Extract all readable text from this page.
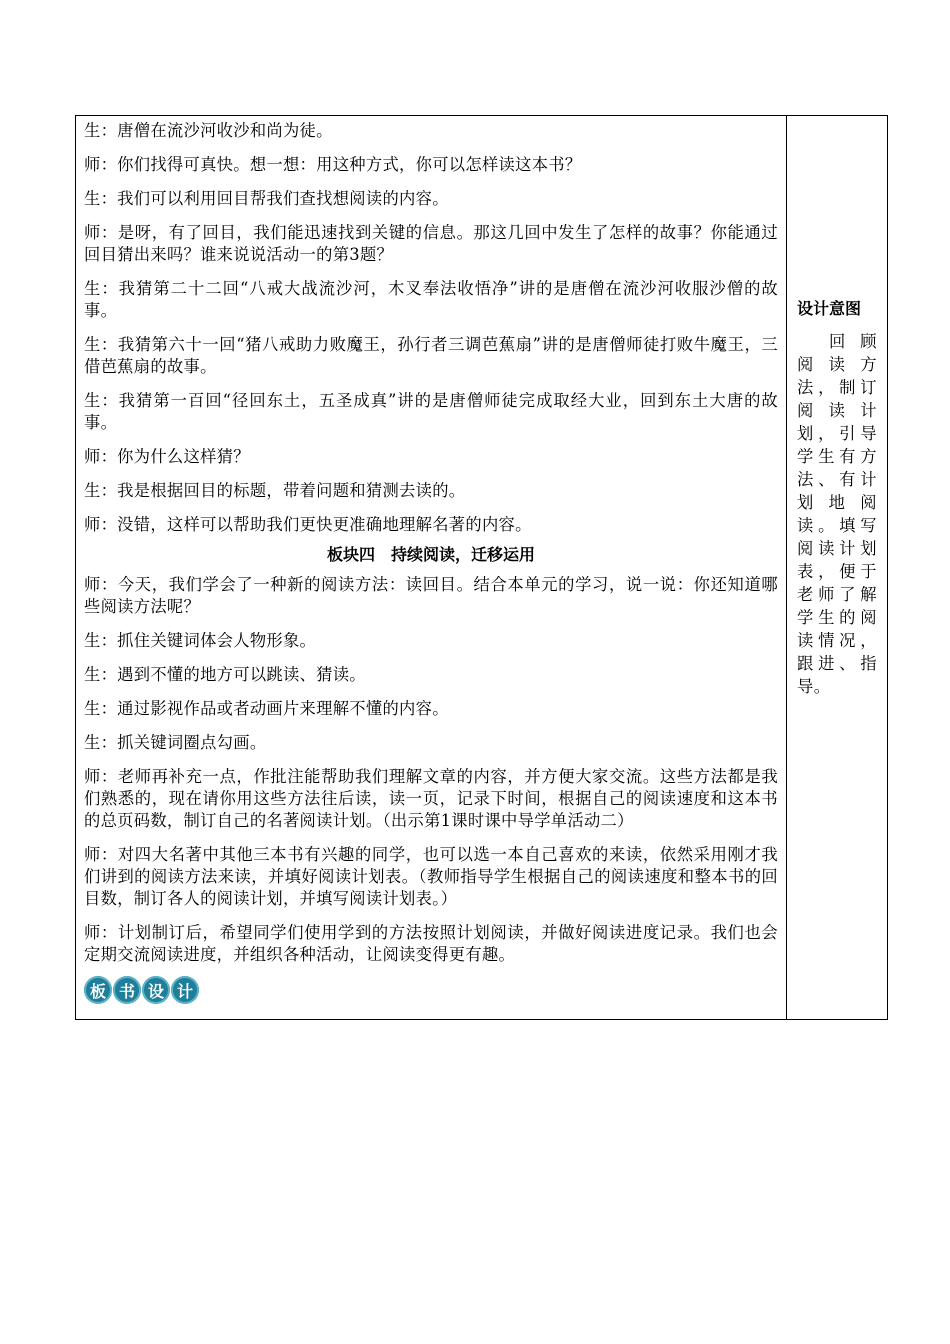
生：唐僧在流沙河收沙和尚为徒。

师：你们找得可真快。想一想：用这种方式，你可以怎样读这本书？

生：我们可以利用回目帮我们查找想阅读的内容。

师：是呀，有了回目，我们能迅速找到关键的信息。那这几回中发生了怎样的故事？你能通过回目猜出来吗？谁来说说活动一的第3题？

生：我猜第二十二回“八戒大战流沙河，木叉奉法收悟净”讲的是唐僧在流沙河收服沙僧的故事。

生：我猜第六十一回“猪八戒助力败魔王，孙行者三调芭蕉扇”讲的是唐僧师徒打败牛魔王，三借芭蕉扇的故事。

生：我猜第一百回“径回东土，五圣成真”讲的是唐僧师徒完成取经大业，回到东土大唐的故事。

师：你为什么这样猜？

生：我是根据回目的标题，带着问题和猜测去读的。

师：没错，这样可以帮助我们更快更准确地理解名著的内容。

板块四 持续阅读，迁移运用

师：今天，我们学会了一种新的阅读方法：读回目。结合本单元的学习，说一说：你还知道哪些阅读方法呢？

生：抓住关键词体会人物形象。

生：遇到不懂的地方可以跳读、猜读。

生：通过影视作品或者动画片来理解不懂的内容。

生：抓关键词圈点勾画。

师：老师再补充一点，作批注能帮助我们理解文章的内容，并方便大家交流。这些方法都是我们熟悉的，现在请你用这些方法往后读，读一页，记录下时间，根据自己的阅读速度和这本书的总页码数，制订自己的名著阅读计划。（出示第1课时课中导学单活动二）

师：对四大名著中其他三本书有兴趣的同学，也可以选一本自己喜欢的来读，依然采用刚才我们讲到的阅读方法来读，并填好阅读计划表。（教师指导学生根据自己的阅读速度和整本书的回目数，制订各人的阅读计划，并填写阅读计划表。）

师：计划制订后，希望同学们使用学到的方法按照计划阅读，并做好阅读进度记录。我们也会定期交流阅读进度，并组织各种活动，让阅读变得更有趣。

板 书 设 计
设计意图
回顾阅读方法，制订阅读计划，引导学生有方法、有计划地阅读。填写阅读计划表，便于老师了解学生的阅读情况，跟进、指导。
